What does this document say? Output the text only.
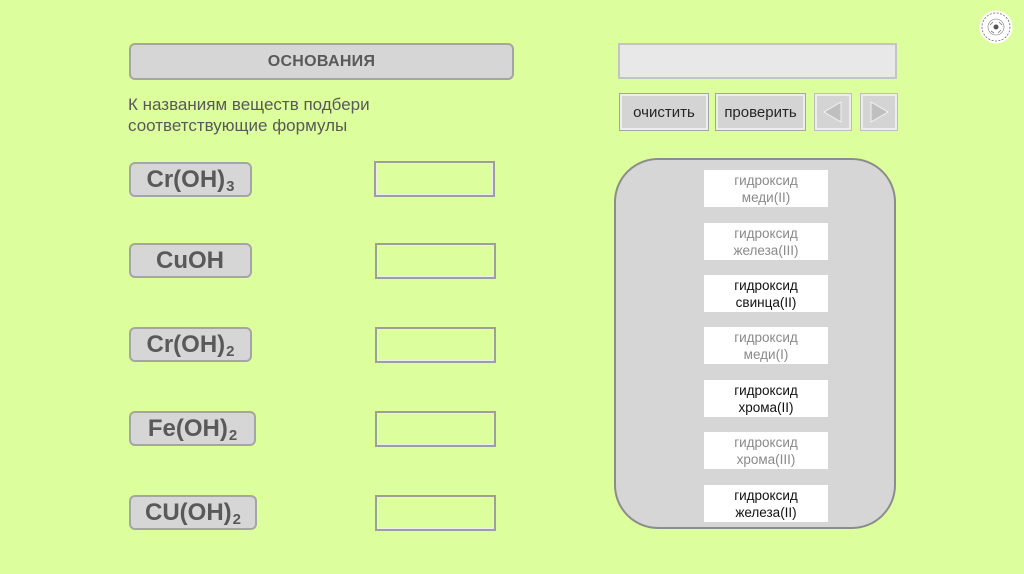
ОСНОВАНИЯ
К названиям веществ подбери соответствующие формулы
очистить	проверить
Cr(OH) 3
CuOH
Cr(OH) 2
Fe(OH) 2
CU(OH) 2
гидроксид
меди(II)
гидроксид
железа(III)
гидроксид
свинца(II)
гидроксид
меди(I)
гидроксид
хрома(II)
гидроксид
хрома(III)
гидроксид
железа(II)
